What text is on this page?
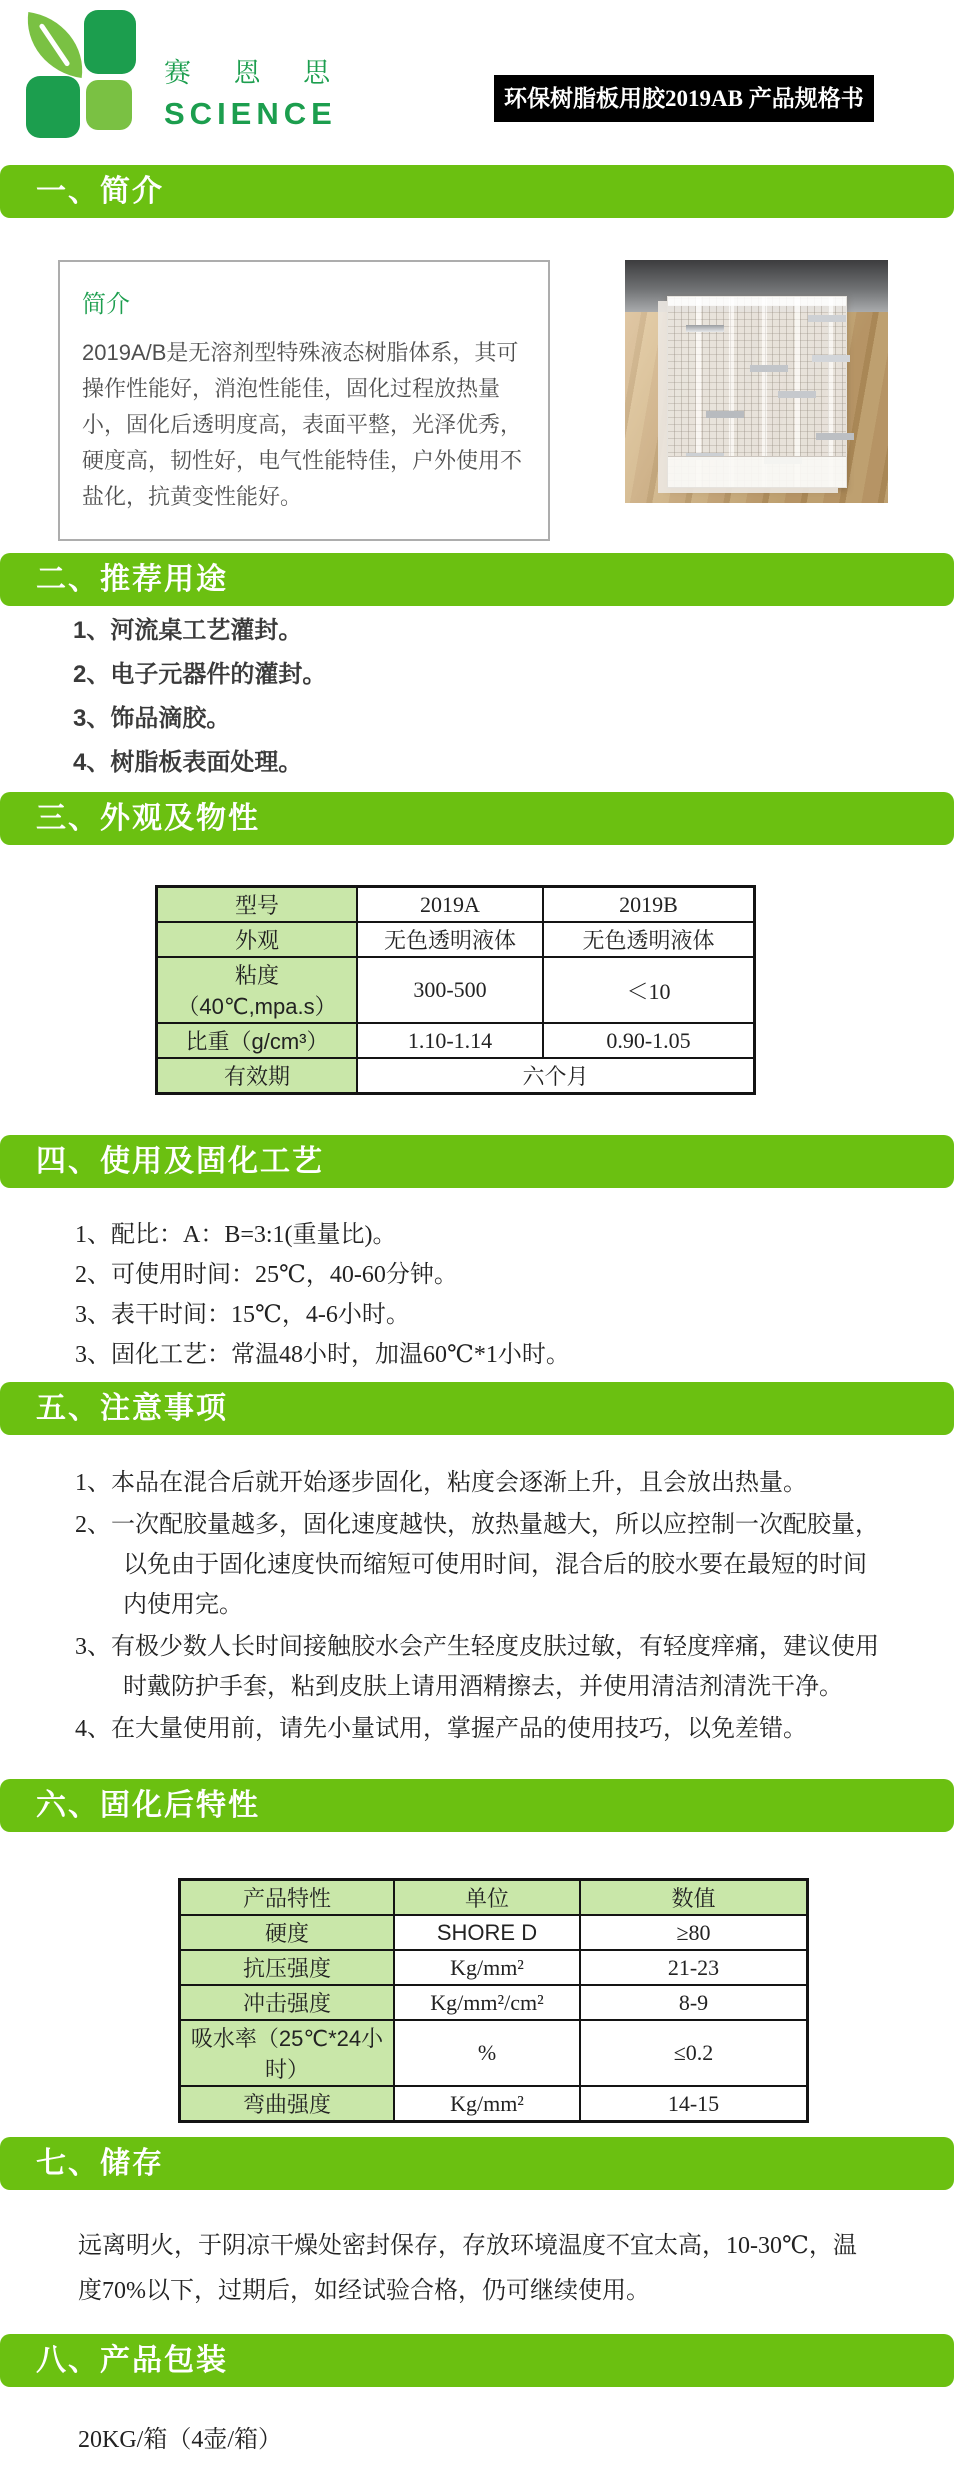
赛 恩 思
SCIENCE	环保树脂板用胶2019AB 产品规格书
一、简介
简介

2019A/B是无溶剂型特殊液态树脂体系，其可操作性能好，消泡性能佳，固化过程放热量小，固化后透明度高，表面平整，光泽优秀，硬度高，韧性好，电气性能特佳，户外使用不盐化，抗黄变性能好。

二、推荐用途
1、河流桌工艺灌封。
2、电子元器件的灌封。
3、饰品滴胶。
4、树脂板表面处理。
三、外观及物性
型号	2019A	2019B
外观	无色透明液体	无色透明液体
粘度（40℃,mpa.s）	300-500	＜10
比重（g/cm³）	1.10-1.14	0.90-1.05
有效期	六个月	
四、使用及固化工艺
1、配比：A：B=3:1(重量比)。
2、可使用时间：25℃，40-60分钟。
3、表干时间：15℃，4-6小时。
3、固化工艺：常温48小时，加温60℃*1小时。
五、注意事项
1、本品在混合后就开始逐步固化，粘度会逐渐上升，且会放出热量。
2、一次配胶量越多，固化速度越快，放热量越大，所以应控制一次配胶量，以免由于固化速度快而缩短可使用时间，混合后的胶水要在最短的时间内使用完。
3、有极少数人长时间接触胶水会产生轻度皮肤过敏，有轻度痒痛，建议使用时戴防护手套，粘到皮肤上请用酒精擦去，并使用清洁剂清洗干净。
4、在大量使用前，请先小量试用，掌握产品的使用技巧，以免差错。
六、固化后特性
产品特性	单位	数值
硬度	SHORE D	≥80
抗压强度	Kg/mm²	21-23
冲击强度	Kg/mm²/cm²	8-9
吸水率（25℃*24小时）	%	≤0.2
弯曲强度	Kg/mm²	14-15
七、储存

远离明火，于阴凉干燥处密封保存，存放环境温度不宜太高，10-30℃，温度70%以下，过期后，如经试验合格，仍可继续使用。

八、产品包装

20KG/箱（4壶/箱）
